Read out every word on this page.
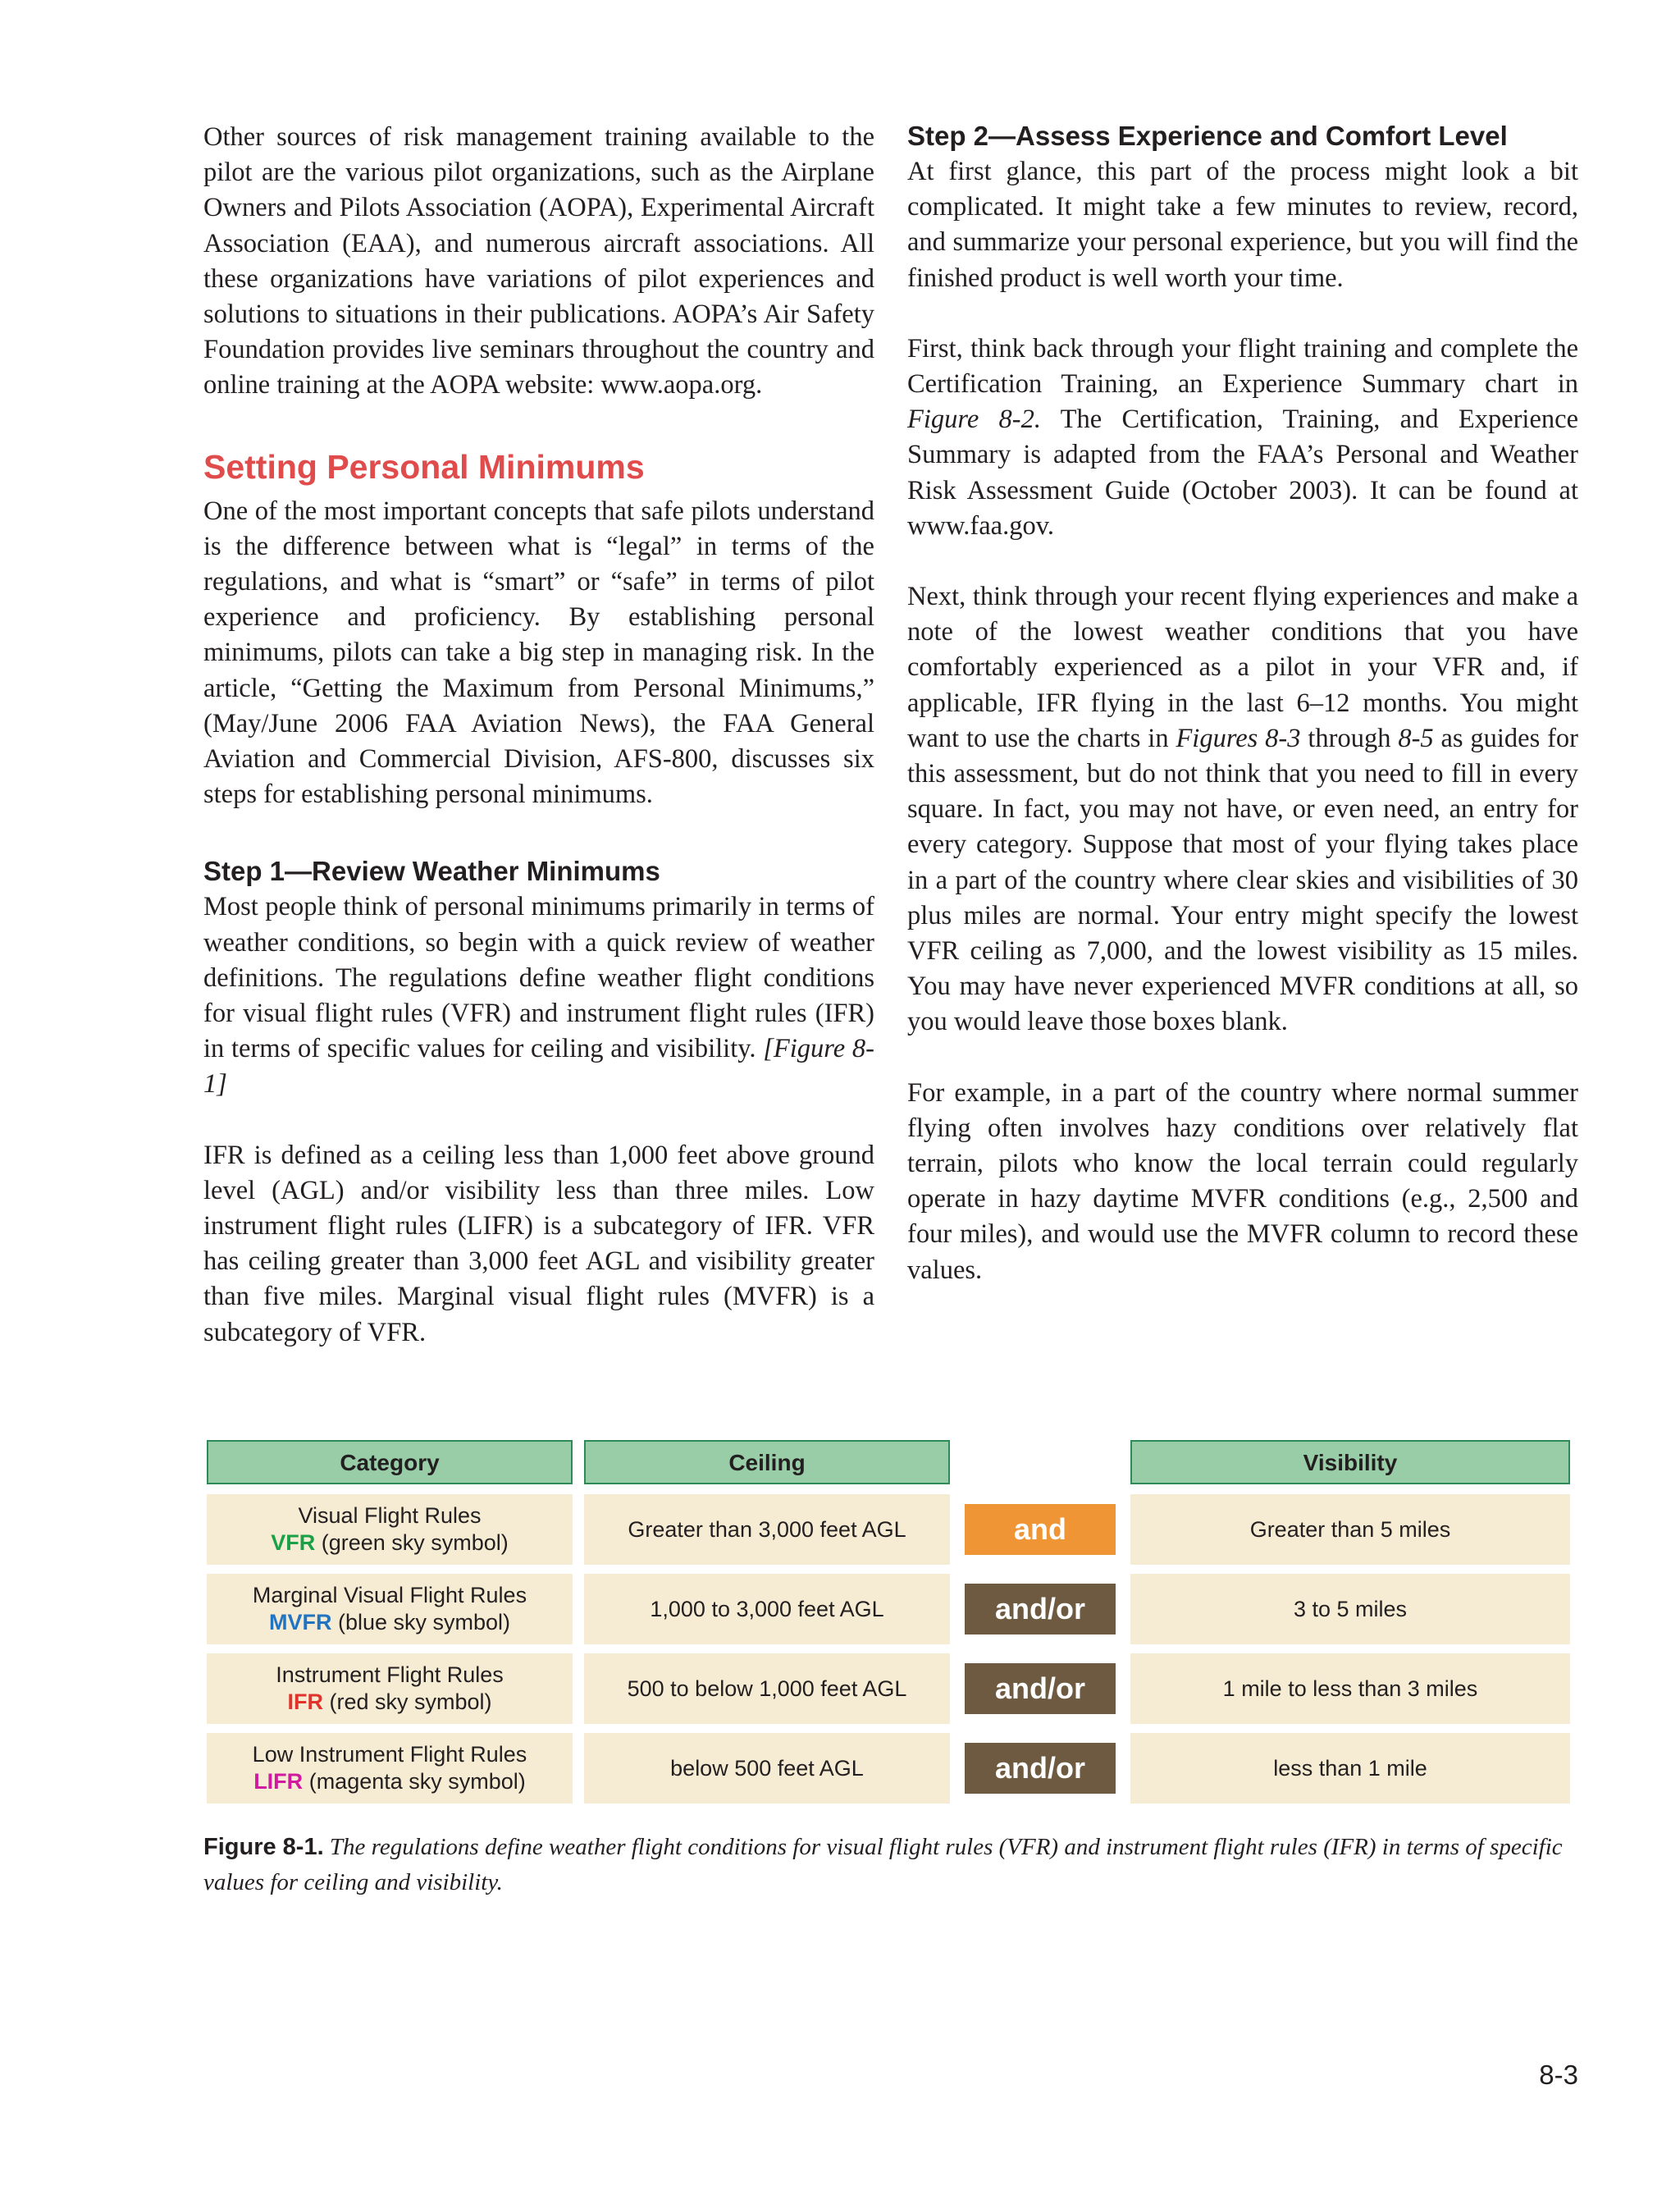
Other sources of risk management training available to the pilot are the various pilot organizations, such as the Airplane Owners and Pilots Association (AOPA), Experimental Aircraft Association (EAA), and numerous aircraft associations. All these organizations have variations of pilot experiences and solutions to situations in their publications. AOPA’s Air Safety Foundation provides live seminars throughout the country and online training at the AOPA website: www.aopa.org.

Setting Personal Minimums

One of the most important concepts that safe pilots understand is the difference between what is “legal” in terms of the regulations, and what is “smart” or “safe” in terms of pilot experience and proficiency. By establishing personal minimums, pilots can take a big step in managing risk. In the article, “Getting the Maximum from Personal Minimums,” (May/June 2006 FAA Aviation News), the FAA General Aviation and Commercial Division, AFS-800, discusses six steps for establishing personal minimums.

Step 1—Review Weather Minimums

Most people think of personal minimums primarily in terms of weather conditions, so begin with a quick review of weather definitions. The regulations define weather flight conditions for visual flight rules (VFR) and instrument flight rules (IFR) in terms of specific values for ceiling and visibility. [Figure 8-1]

IFR is defined as a ceiling less than 1,000 feet above ground level (AGL) and/or visibility less than three miles. Low instrument flight rules (LIFR) is a subcategory of IFR. VFR has ceiling greater than 3,000 feet AGL and visibility greater than five miles. Marginal visual flight rules (MVFR) is a subcategory of VFR.

Step 2—Assess Experience and Comfort Level

At first glance, this part of the process might look a bit complicated. It might take a few minutes to review, record, and summarize your personal experience, but you will find the finished product is well worth your time.

First, think back through your flight training and complete the Certification Training, an Experience Summary chart in Figure 8-2. The Certification, Training, and Experience Summary is adapted from the FAA’s Personal and Weather Risk Assessment Guide (October 2003). It can be found at www.faa.gov.

Next, think through your recent flying experiences and make a note of the lowest weather conditions that you have comfortably experienced as a pilot in your VFR and, if applicable, IFR flying in the last 6–12 months. You might want to use the charts in Figures 8-3 through 8-5 as guides for this assessment, but do not think that you need to fill in every square. In fact, you may not have, or even need, an entry for every category. Suppose that most of your flying takes place in a part of the country where clear skies and visibilities of 30 plus miles are normal. Your entry might specify the lowest VFR ceiling as 7,000, and the lowest visibility as 15 miles. You may have never experienced MVFR conditions at all, so you would leave those boxes blank.

For example, in a part of the country where normal summer flying often involves hazy conditions over relatively flat terrain, pilots who know the local terrain could regularly operate in hazy daytime MVFR conditions (e.g., 2,500 and four miles), and would use the MVFR column to record these values.

Category	Ceiling	Visibility
Visual Flight Rules
VFR (green sky symbol)
Greater than 3,000 feet AGL	and	Greater than 5 miles
Marginal Visual Flight Rules
MVFR (blue sky symbol)
1,000 to 3,000 feet AGL	and/or	3 to 5 miles
Instrument Flight Rules
IFR (red sky symbol)
500 to below 1,000 feet AGL	and/or	1 mile to less than 3 miles
Low Instrument Flight Rules
LIFR (magenta sky symbol)
below 500 feet AGL	and/or	less than 1 mile

Figure 8-1. The regulations define weather flight conditions for visual flight rules (VFR) and instrument flight rules (IFR) in terms of specific values for ceiling and visibility.

8-3
